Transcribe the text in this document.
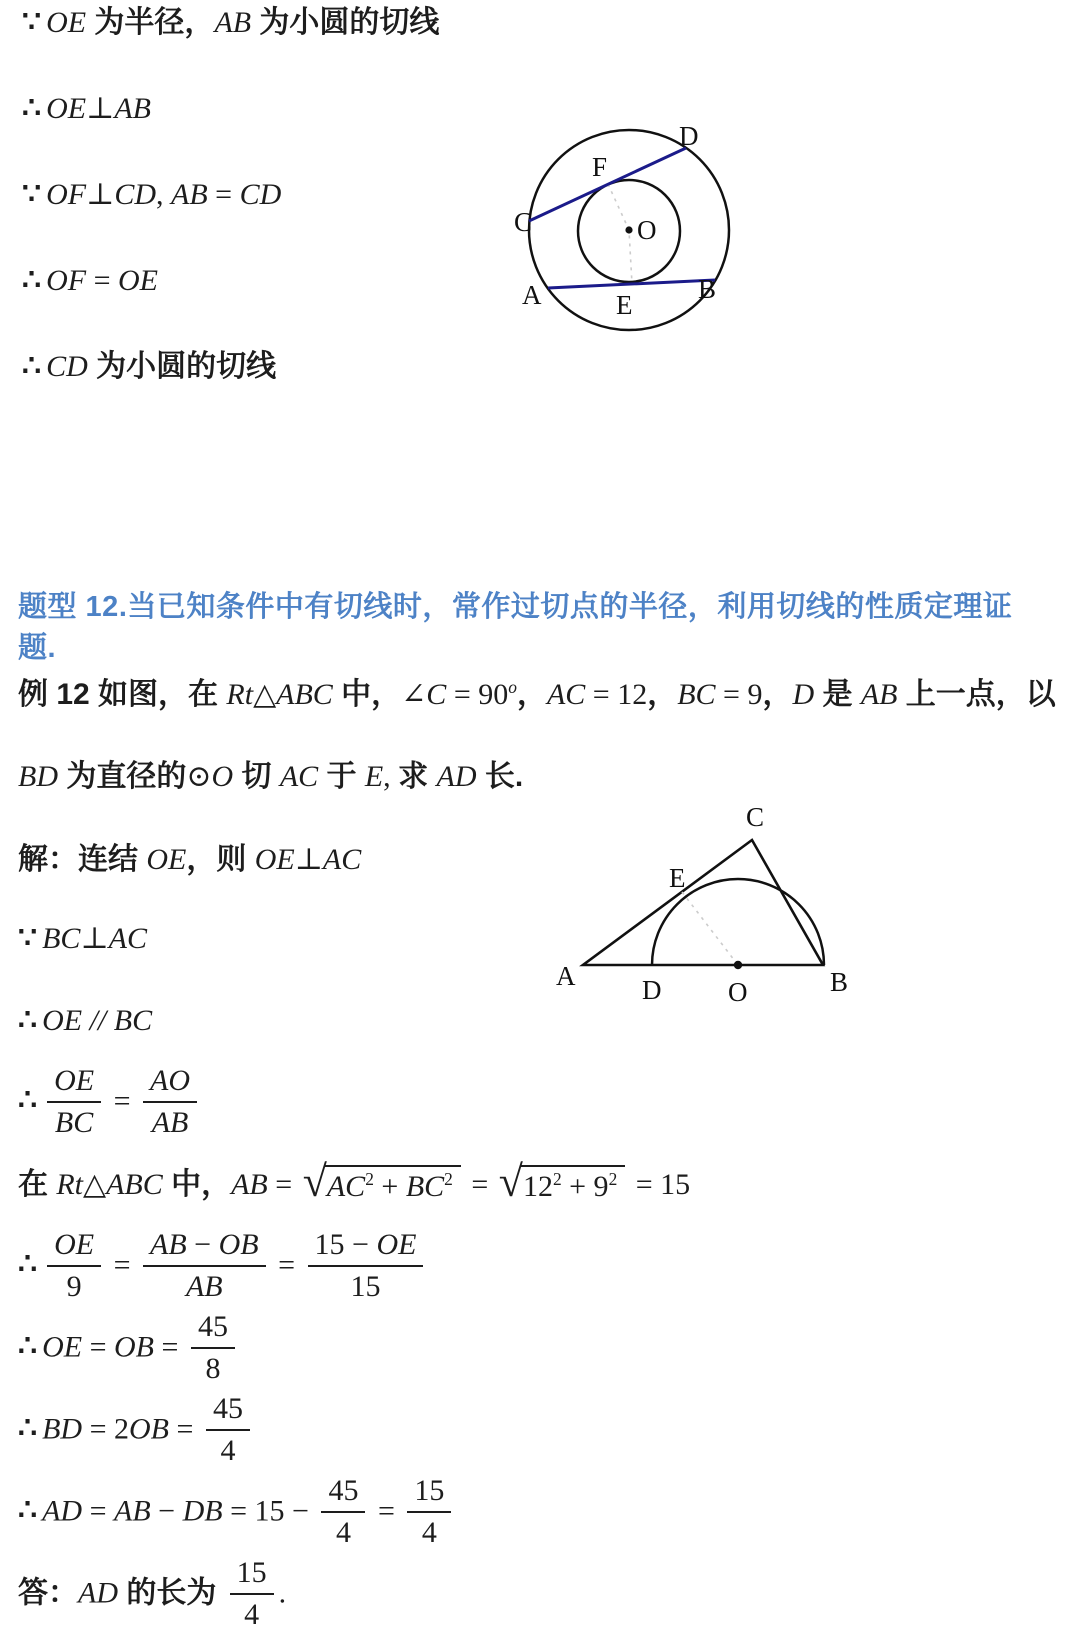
∵ OE 为半径，AB 为小圆的切线
∴ OE⊥AB
∵ OF⊥CD, AB = CD
∴ OF = OE
∴ CD 为小圆的切线
D
F
C	O
A	E
B
题型 12.当已知条件中有切线时，常作过切点的半径，利用切线的性质定理证题.
例 12 如图，在 Rt△ABC 中，∠C = $90^o$，AC = 12，BC = 9，D 是 AB 上一点，以
BD 为直径的⊙O 切 AC 于 E, 求 AD 长.
C
E
A D O	B
解：连结 OE，则 OE⊥AC
∵ BC⊥AC
∴ OE // BC
∴ $\frac{OE}{BC} = \frac{AO}{AB}$
在 Rt△ABC 中，AB = √ $AC^2 + BC^2$ = √ $12^2 + 9^2 = 15$
∴ $\frac{OE}{9} = \frac{AB - OB}{AB} = \frac{15 - OE}{15}$
∴ OE = OB = $\frac{45}{8}$
∴ BD = $2OB = \frac{45}{4}$
∴ AD = AB − DB = $15 - \frac{45}{4} = \frac{15}{4}$
答：AD 的长为 $\frac{15}{4}$ .
